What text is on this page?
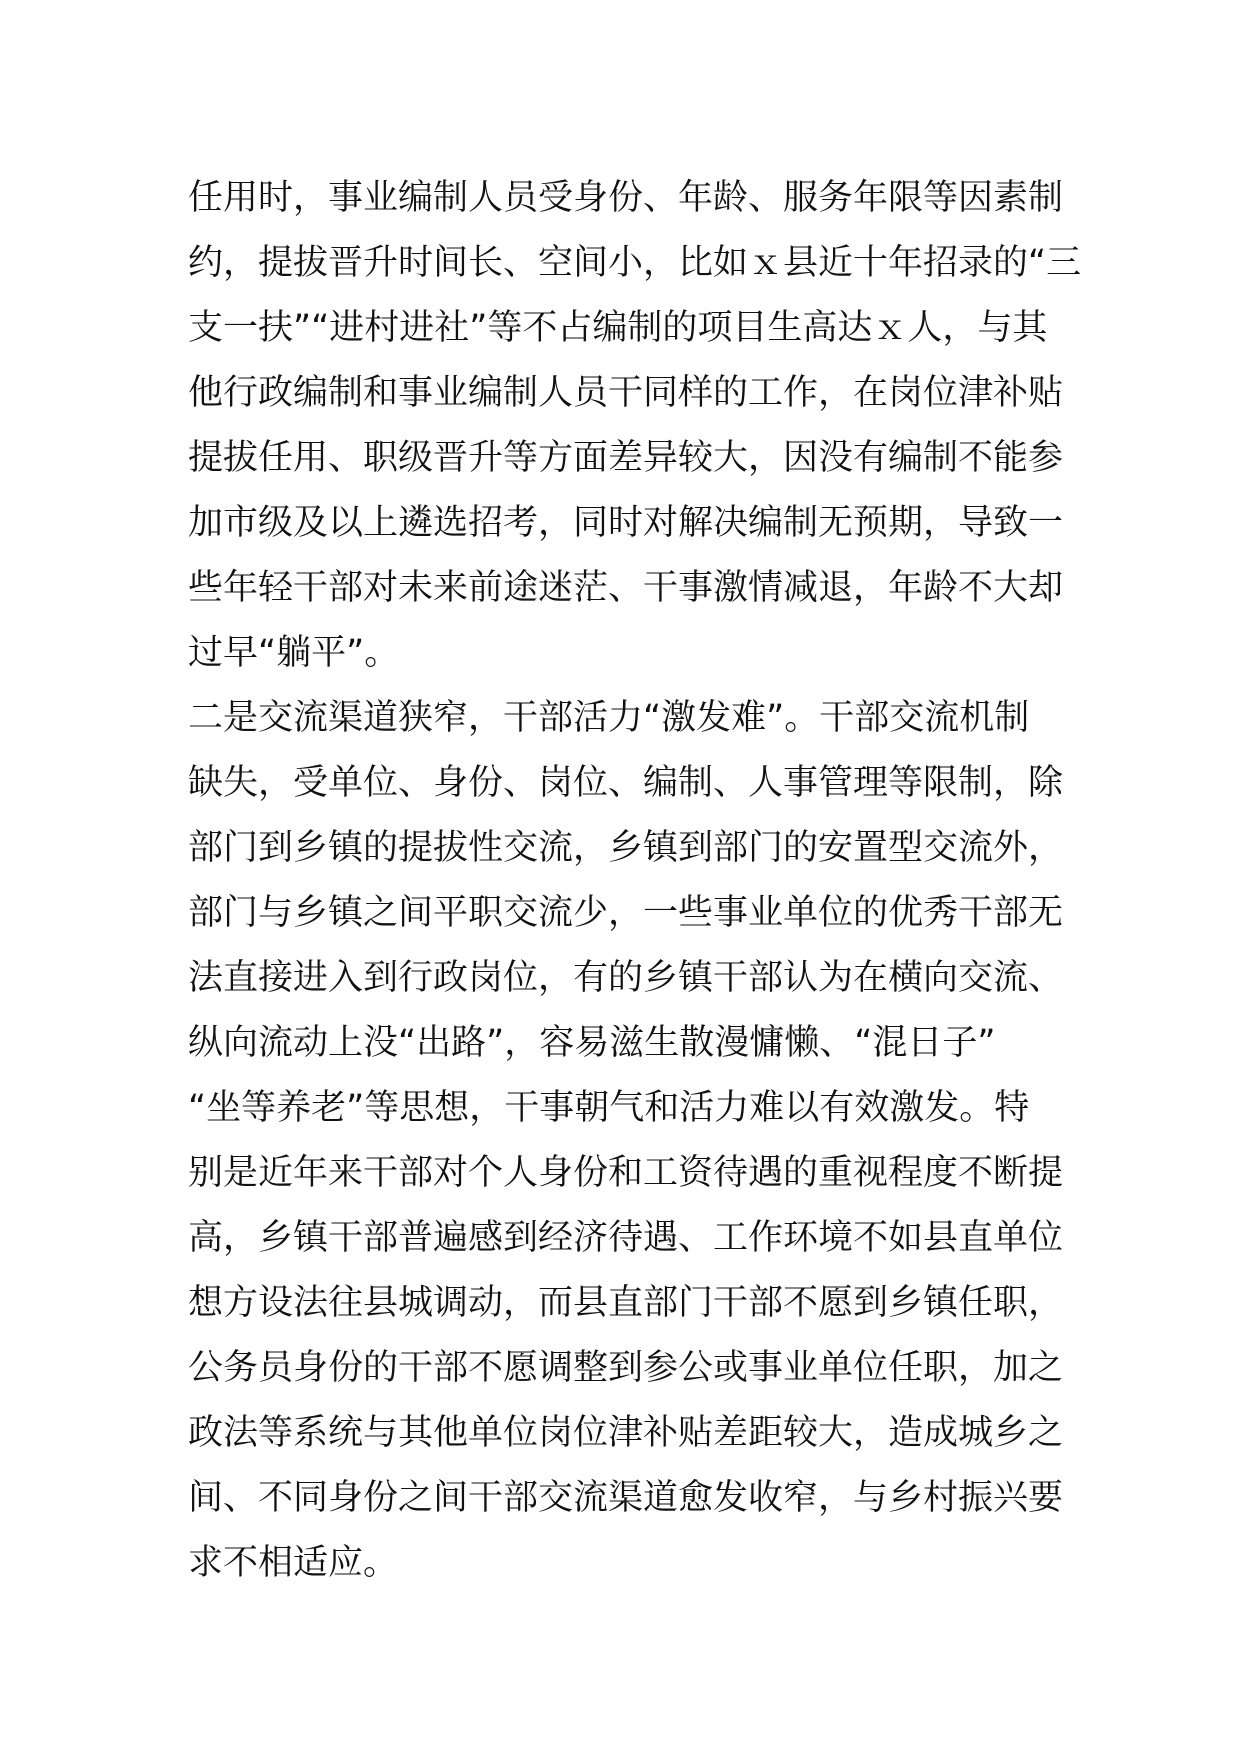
任用时，事业编制人员受身份、年龄、服务年限等因素制
约，提拔晋升时间长、空间小，比如ｘ县近十年招录的“三
支一扶”“进村进社”等不占编制的项目生高达ｘ人，与其
他行政编制和事业编制人员干同样的工作，在岗位津补贴
提拔任用、职级晋升等方面差异较大，因没有编制不能参
加市级及以上遴选招考，同时对解决编制无预期，导致一
些年轻干部对未来前途迷茫、干事激情减退，年龄不大却
过早“躺平”。
二是交流渠道狭窄，干部活力“激发难”。干部交流机制
缺失，受单位、身份、岗位、编制、人事管理等限制，除
部门到乡镇的提拔性交流，乡镇到部门的安置型交流外，
部门与乡镇之间平职交流少，一些事业单位的优秀干部无
法直接进入到行政岗位，有的乡镇干部认为在横向交流、
纵向流动上没“出路”，容易滋生散漫慵懒、“混日子”
“坐等养老”等思想，干事朝气和活力难以有效激发。特
别是近年来干部对个人身份和工资待遇的重视程度不断提
高，乡镇干部普遍感到经济待遇、工作环境不如县直单位
想方设法往县城调动，而县直部门干部不愿到乡镇任职，
公务员身份的干部不愿调整到参公或事业单位任职，加之
政法等系统与其他单位岗位津补贴差距较大，造成城乡之
间、不同身份之间干部交流渠道愈发收窄，与乡村振兴要
求不相适应。
